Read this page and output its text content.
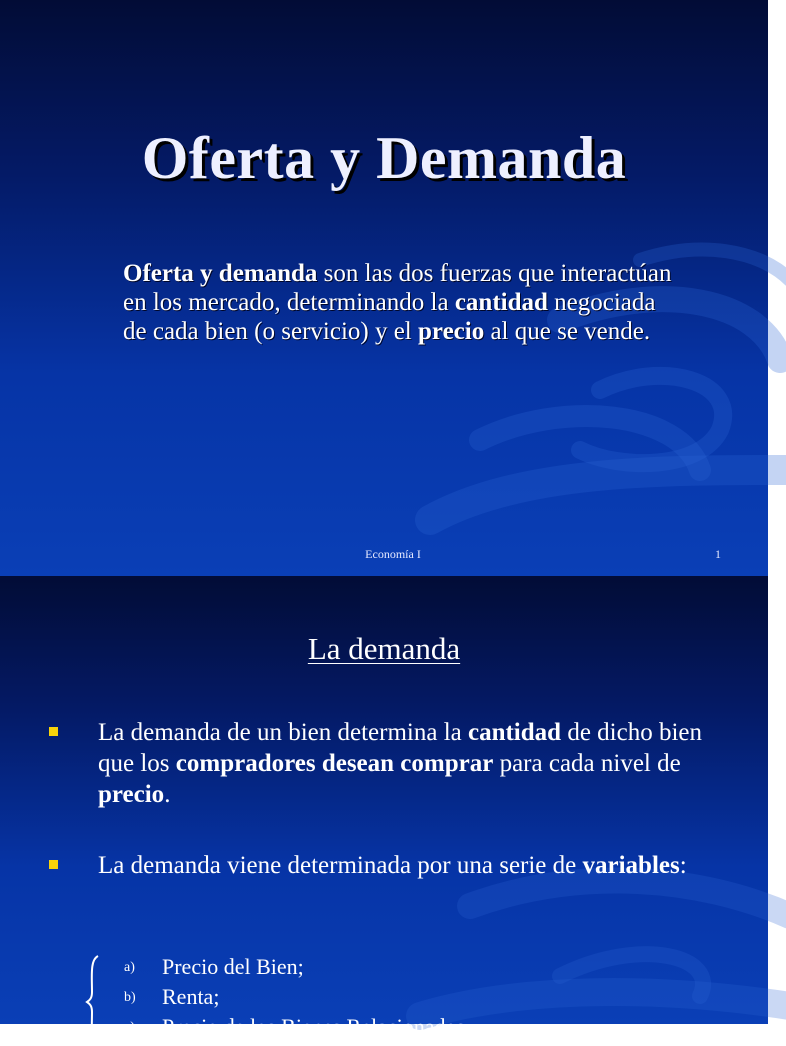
Oferta y Demanda

Oferta y demanda son las dos fuerzas que interactúan en los mercado, determinando la cantidad negociada de cada bien (o servicio) y el precio al que se vende.

Economía I	1
La demanda
La demanda de un bien determina la cantidad de dicho bien que los compradores desean comprar para cada nivel de precio.
La demanda viene determinada por una serie de variables:
a) Precio del Bien;
b) Renta;
c) Precio de los Bienes Relacionados
